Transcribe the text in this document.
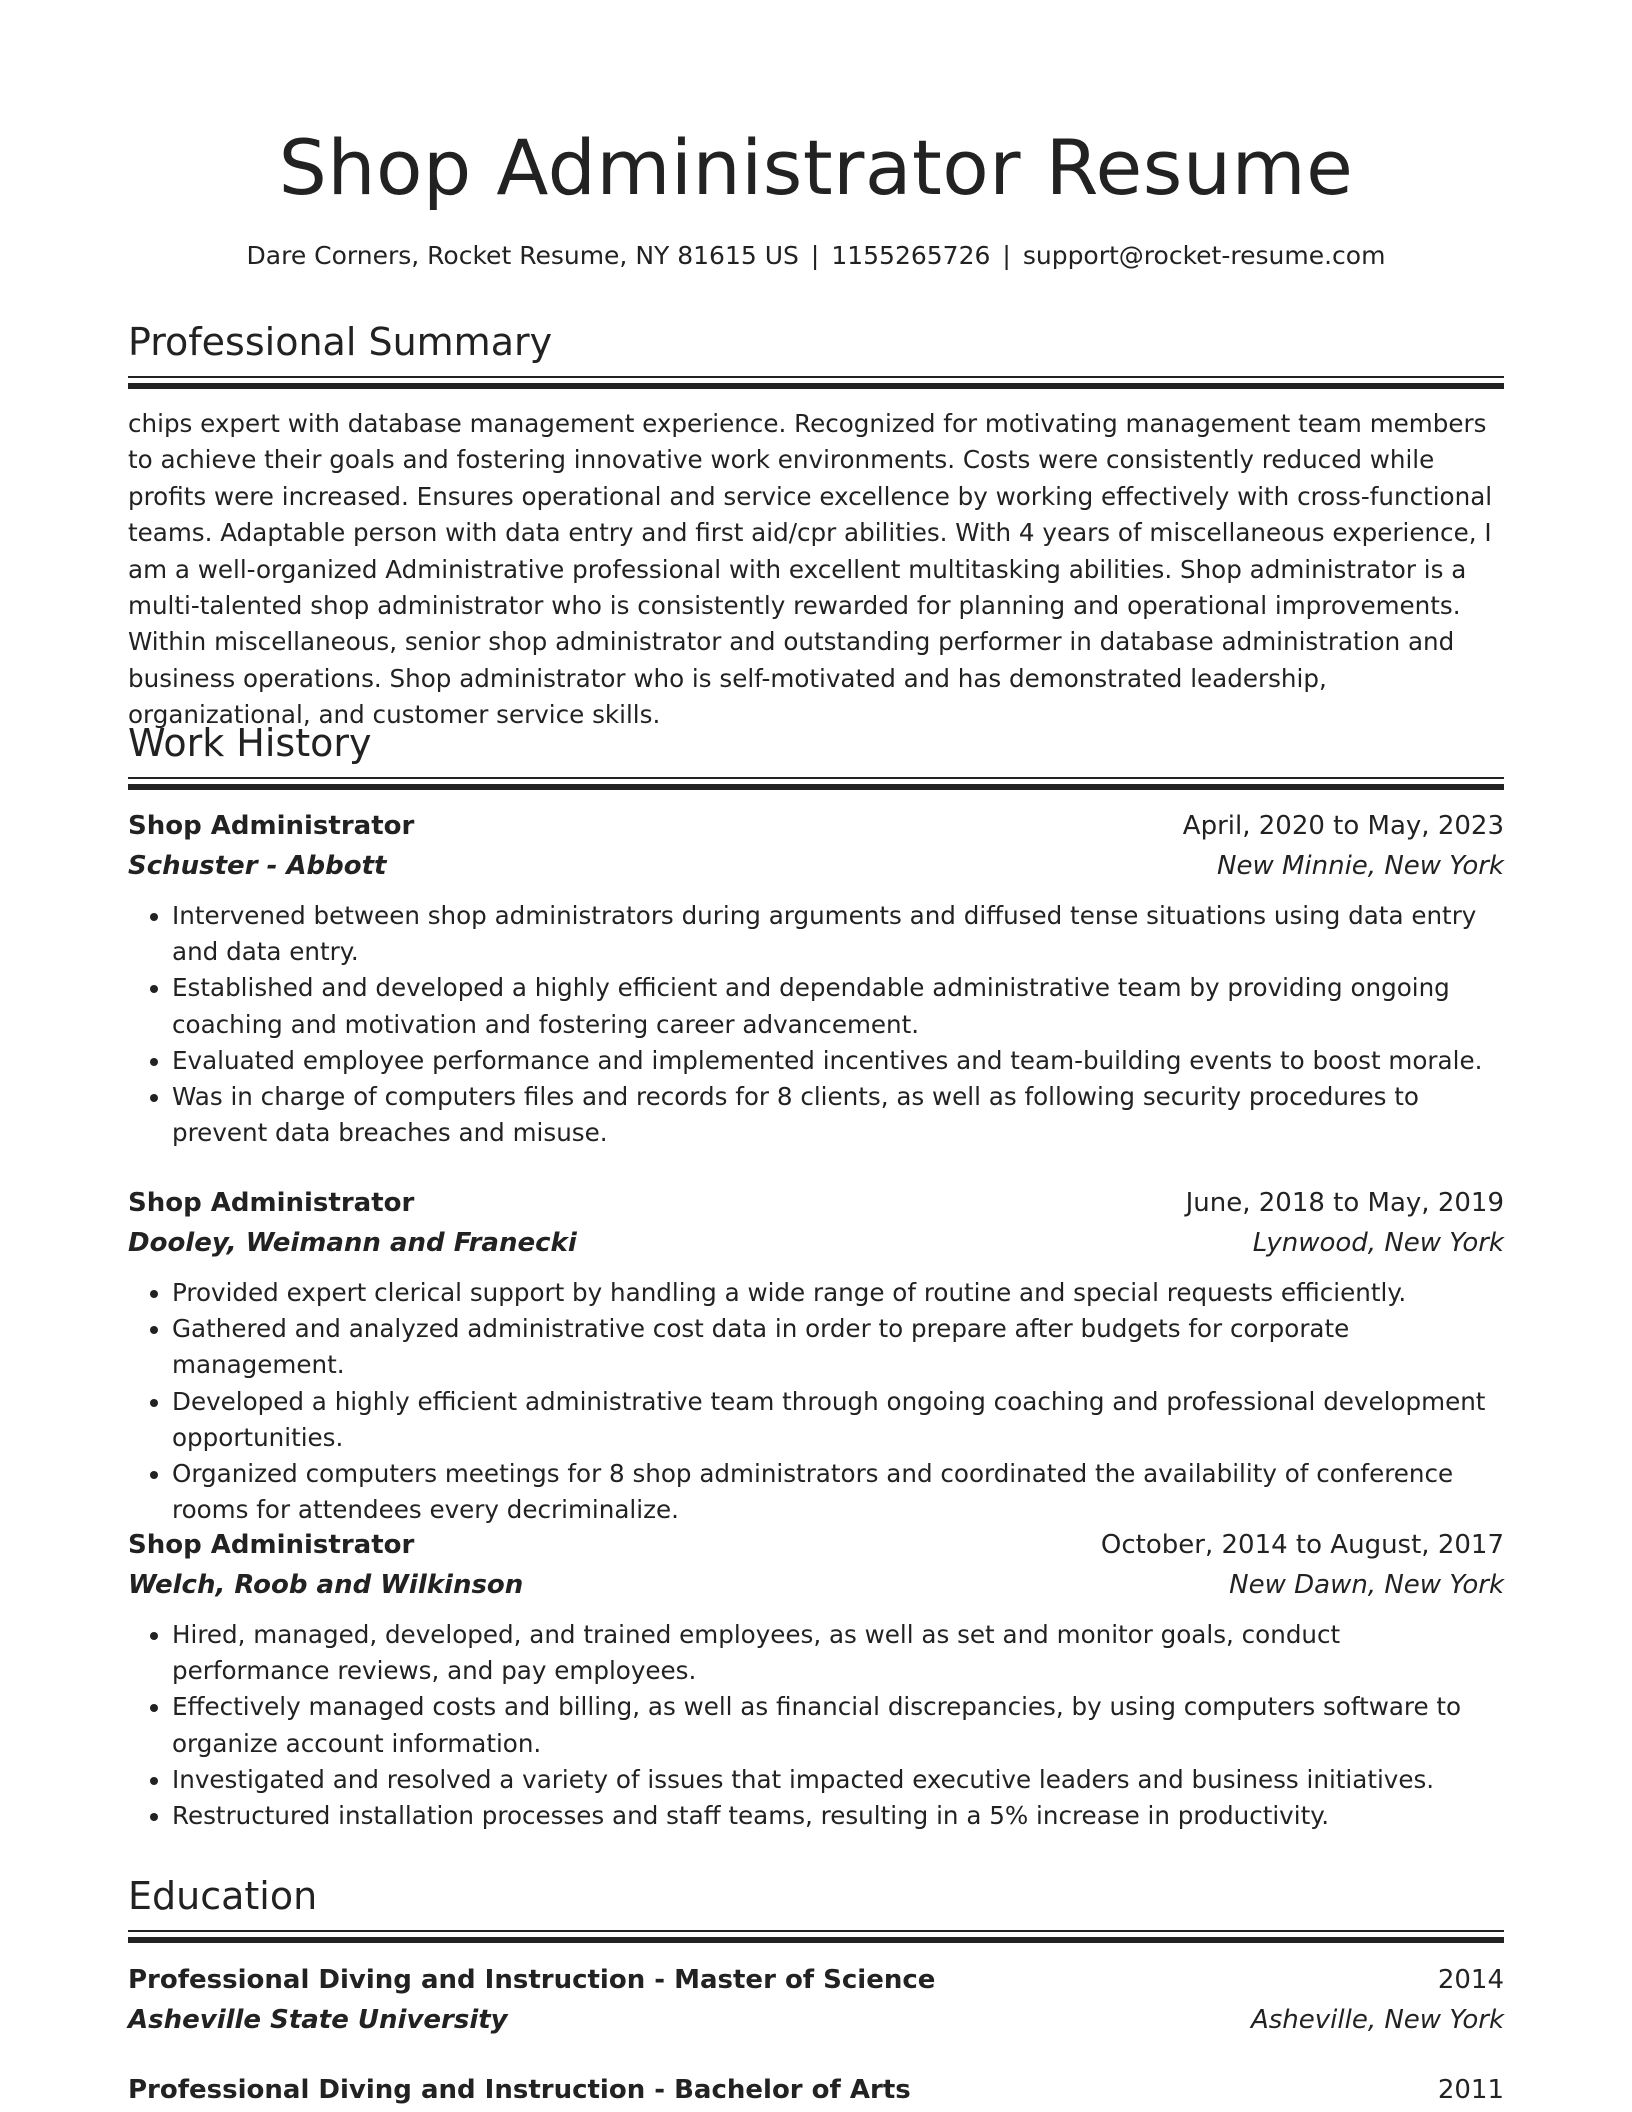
Shop Administrator Resume
Dare Corners, Rocket Resume, NY 81615 US | 1155265726 | support@rocket-resume.com
Professional Summary

chips expert with database management experience. Recognized for motivating management team members to achieve their goals and fostering innovative work environments. Costs were consistently reduced while profits were increased. Ensures operational and service excellence by working effectively with cross-functional teams. Adaptable person with data entry and first aid/cpr abilities. With 4 years of miscellaneous experience, I am a well-organized Administrative professional with excellent multitasking abilities. Shop administrator is a multi-talented shop administrator who is consistently rewarded for planning and operational improvements. Within miscellaneous, senior shop administrator and outstanding performer in database administration and business operations. Shop administrator who is self-motivated and has demonstrated leadership, organizational, and customer service skills.

Work History
Shop Administrator	April, 2020 to May, 2023
Schuster - Abbott	New Minnie, New York
• Intervened between shop administrators during arguments and diffused tense situations using data entry and data entry.
• Established and developed a highly efficient and dependable administrative team by providing ongoing coaching and motivation and fostering career advancement.
• Evaluated employee performance and implemented incentives and team-building events to boost morale.
• Was in charge of computers files and records for 8 clients, as well as following security procedures to prevent data breaches and misuse.
Shop Administrator	June, 2018 to May, 2019
Dooley, Weimann and Franecki	Lynwood, New York
• Provided expert clerical support by handling a wide range of routine and special requests efficiently.
• Gathered and analyzed administrative cost data in order to prepare after budgets for corporate management.
• Developed a highly efficient administrative team through ongoing coaching and professional development opportunities.
• Organized computers meetings for 8 shop administrators and coordinated the availability of conference rooms for attendees every decriminalize.
Shop Administrator	October, 2014 to August, 2017
Welch, Roob and Wilkinson	New Dawn, New York
• Hired, managed, developed, and trained employees, as well as set and monitor goals, conduct performance reviews, and pay employees.
• Effectively managed costs and billing, as well as financial discrepancies, by using computers software to organize account information.
• Investigated and resolved a variety of issues that impacted executive leaders and business initiatives.
• Restructured installation processes and staff teams, resulting in a 5% increase in productivity.
Education
Professional Diving and Instruction - Master of Science	2014
Asheville State University	Asheville, New York
Professional Diving and Instruction - Bachelor of Arts	2011
